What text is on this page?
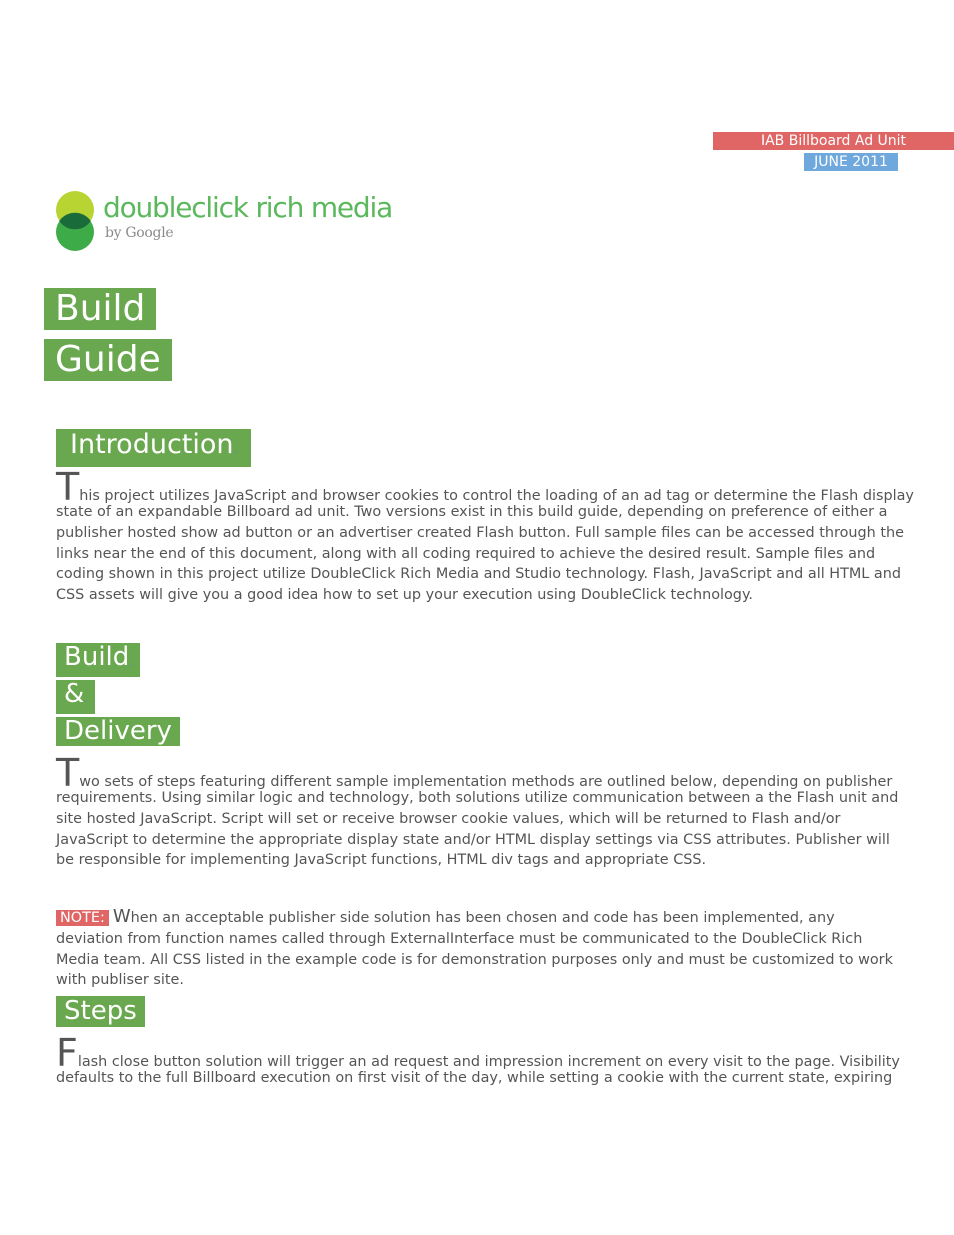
IAB Billboard Ad Unit
JUNE 2011
doubleclick rich media
by Google
Build
Guide
Introduction.
This project utilizes JavaScript and browser cookies to control the loading of an ad tag or determine the Flash display
state of an expandable Billboard ad unit. Two versions exist in this build guide, depending on preference of either a publisher hosted show ad button or an advertiser created Flash button. Full sample files can be accessed through the links near the end of this document, along with all coding required to achieve the desired result. Sample files and coding shown in this project utilize DoubleClick Rich Media and Studio technology. Flash, JavaScript and all HTML and CSS assets will give you a good idea how to set up your execution using DoubleClick technology.
Build.
&.
Delivery
Two sets of steps featuring different sample implementation methods are outlined below, depending on publisher
requirements. Using similar logic and technology, both solutions utilize communication between a the Flash unit and site hosted JavaScript. Script will set or receive browser cookie values, which will be returned to Flash and/or JavaScript to determine the appropriate display state and/or HTML display settings via CSS attributes. Publisher will be responsible for implementing JavaScript functions, HTML div tags and appropriate CSS.
NOTE: When an acceptable publisher side solution has been chosen and code has been implemented, any deviation from function names called through ExternalInterface must be communicated to the DoubleClick Rich Media team. All CSS listed in the example code is for demonstration purposes only and must be customized to work with publiser site.
Steps
Flash close button solution will trigger an ad request and impression increment on every visit to the page. Visibility
defaults to the full Billboard execution on first visit of the day, while setting a cookie with the current state, expiring
